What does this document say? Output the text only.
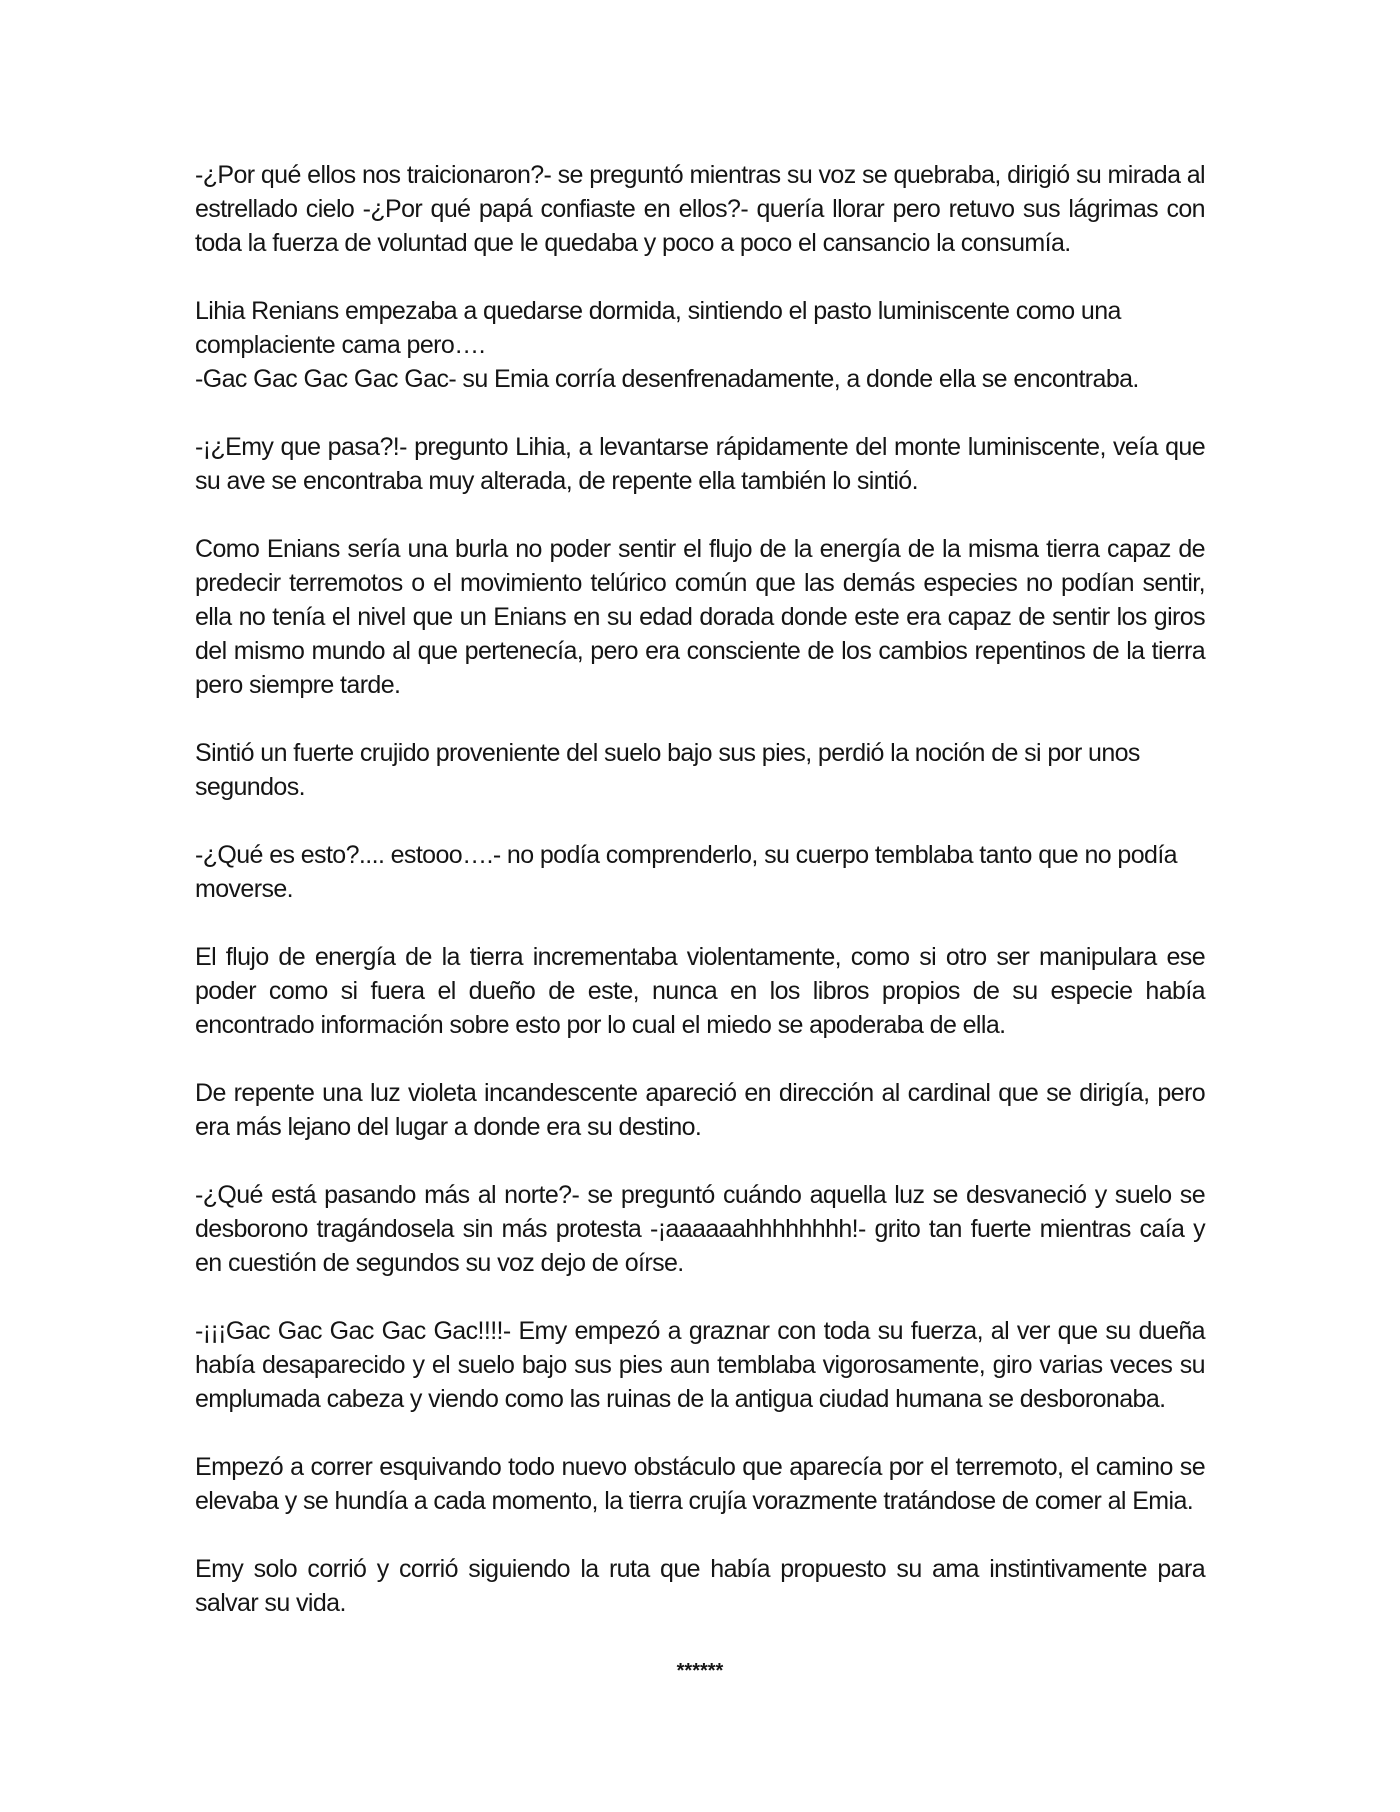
-¿Por qué ellos nos traicionaron?- se preguntó mientras su voz se quebraba, dirigió su mirada al estrellado cielo -¿Por qué papá confiaste en ellos?- quería llorar pero retuvo sus lágrimas con toda la fuerza de voluntad que le quedaba y poco a poco el cansancio la consumía.

Lihia Renians empezaba a quedarse dormida, sintiendo el pasto luminiscente como una complaciente cama pero….

-Gac Gac Gac Gac Gac- su Emia corría desenfrenadamente, a donde ella se encontraba.

-¡¿Emy que pasa?!- pregunto Lihia, a levantarse rápidamente del monte luminiscente, veía que su ave se encontraba muy alterada, de repente ella también lo sintió.

Como Enians sería una burla no poder sentir el flujo de la energía de la misma tierra capaz de predecir terremotos o el movimiento telúrico común que las demás especies no podían sentir, ella no tenía el nivel que un Enians en su edad dorada donde este era capaz de sentir los giros del mismo mundo al que pertenecía, pero era consciente de los cambios repentinos de la tierra pero siempre tarde.

Sintió un fuerte crujido proveniente del suelo bajo sus pies, perdió la noción de si por unos segundos.

-¿Qué es esto?.... estooo….- no podía comprenderlo, su cuerpo temblaba tanto que no podía moverse.

El flujo de energía de la tierra incrementaba violentamente, como si otro ser manipulara ese poder como si fuera el dueño de este, nunca en los libros propios de su especie había encontrado información sobre esto por lo cual el miedo se apoderaba de ella.

De repente una luz violeta incandescente apareció en dirección al cardinal que se dirigía, pero era más lejano del lugar a donde era su destino.

-¿Qué está pasando más al norte?- se preguntó cuándo aquella luz se desvaneció y suelo se desborono tragándosela sin más protesta -¡aaaaaahhhhhhhh!- grito tan fuerte mientras caía y en cuestión de segundos su voz dejo de oírse.

-¡¡¡Gac Gac Gac Gac Gac!!!!- Emy empezó a graznar con toda su fuerza, al ver que su dueña había desaparecido y el suelo bajo sus pies aun temblaba vigorosamente, giro varias veces su emplumada cabeza y viendo como las ruinas de la antigua ciudad humana se desboronaba.

Empezó a correr esquivando todo nuevo obstáculo que aparecía por el terremoto, el camino se elevaba y se hundía a cada momento, la tierra crujía vorazmente tratándose de comer al Emia.

Emy solo corrió y corrió siguiendo la ruta que había propuesto su ama instintivamente para salvar su vida.

******
